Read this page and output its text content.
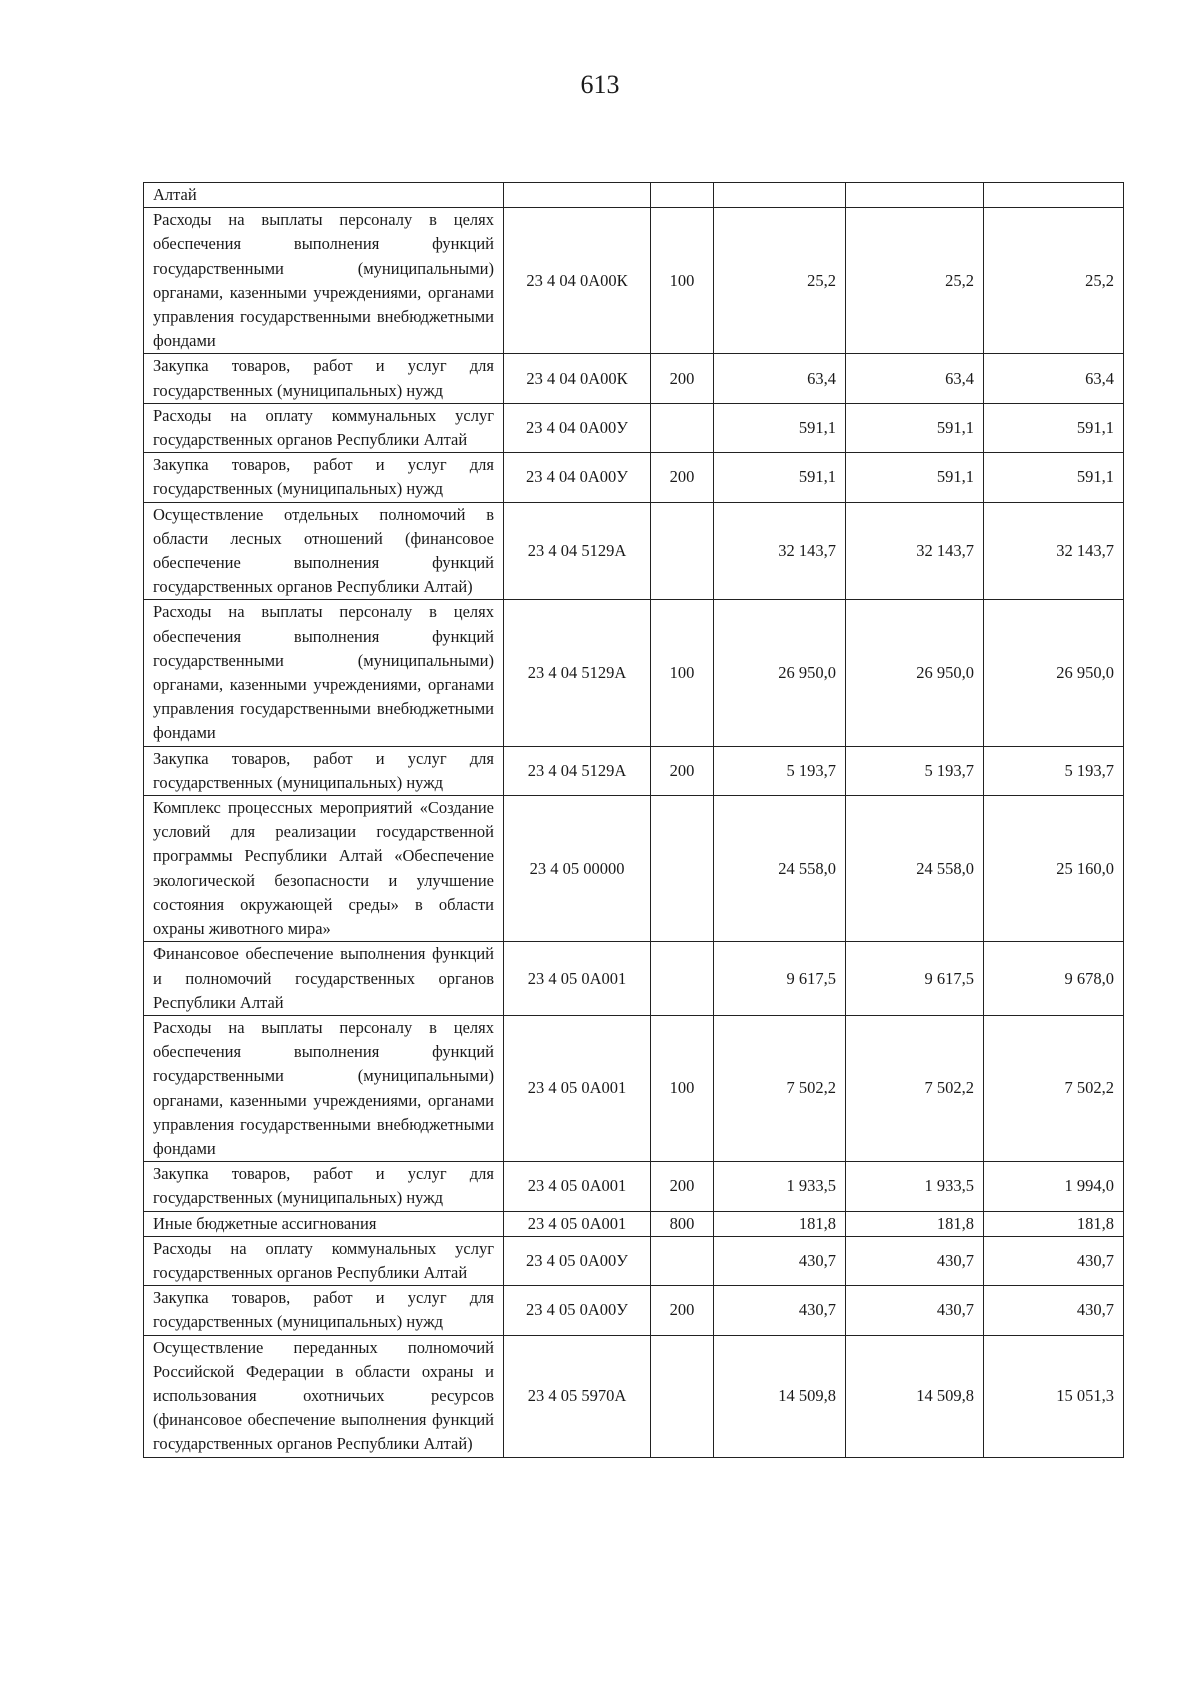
613
Алтай					
Расходы на выплаты персоналу в целях обеспечения выполнения функций государственными (муниципальными) органами, казенными учреждениями, органами управления государственными внебюджетными фондами	23 4 04 0А00К	100	25,2	25,2	25,2
Закупка товаров, работ и услуг для государственных (муниципальных) нужд	23 4 04 0А00К	200	63,4	63,4	63,4
Расходы на оплату коммунальных услуг государственных органов Республики Алтай	23 4 04 0А00У		591,1	591,1	591,1
Закупка товаров, работ и услуг для государственных (муниципальных) нужд	23 4 04 0А00У	200	591,1	591,1	591,1
Осуществление отдельных полномочий в области лесных отношений (финансовое обеспечение выполнения функций государственных органов Республики Алтай)	23 4 04 5129А		32 143,7	32 143,7	32 143,7
Расходы на выплаты персоналу в целях обеспечения выполнения функций государственными (муниципальными) органами, казенными учреждениями, органами управления государственными внебюджетными фондами	23 4 04 5129А	100	26 950,0	26 950,0	26 950,0
Закупка товаров, работ и услуг для государственных (муниципальных) нужд	23 4 04 5129А	200	5 193,7	5 193,7	5 193,7
Комплекс процессных мероприятий «Создание условий для реализации государственной программы Республики Алтай «Обеспечение экологической безопасности и улучшение состояния окружающей среды» в области охраны животного мира»	23 4 05 00000		24 558,0	24 558,0	25 160,0
Финансовое обеспечение выполнения функций и полномочий государственных органов Республики Алтай	23 4 05 0А001		9 617,5	9 617,5	9 678,0
Расходы на выплаты персоналу в целях обеспечения выполнения функций государственными (муниципальными) органами, казенными учреждениями, органами управления государственными внебюджетными фондами	23 4 05 0А001	100	7 502,2	7 502,2	7 502,2
Закупка товаров, работ и услуг для государственных (муниципальных) нужд	23 4 05 0А001	200	1 933,5	1 933,5	1 994,0
Иные бюджетные ассигнования	23 4 05 0А001	800	181,8	181,8	181,8
Расходы на оплату коммунальных услуг государственных органов Республики Алтай	23 4 05 0А00У		430,7	430,7	430,7
Закупка товаров, работ и услуг для государственных (муниципальных) нужд	23 4 05 0А00У	200	430,7	430,7	430,7
Осуществление переданных полномочий Российской Федерации в области охраны и использования охотничьих ресурсов (финансовое обеспечение выполнения функций государственных органов Республики Алтай)	23 4 05 5970А		14 509,8	14 509,8	15 051,3
